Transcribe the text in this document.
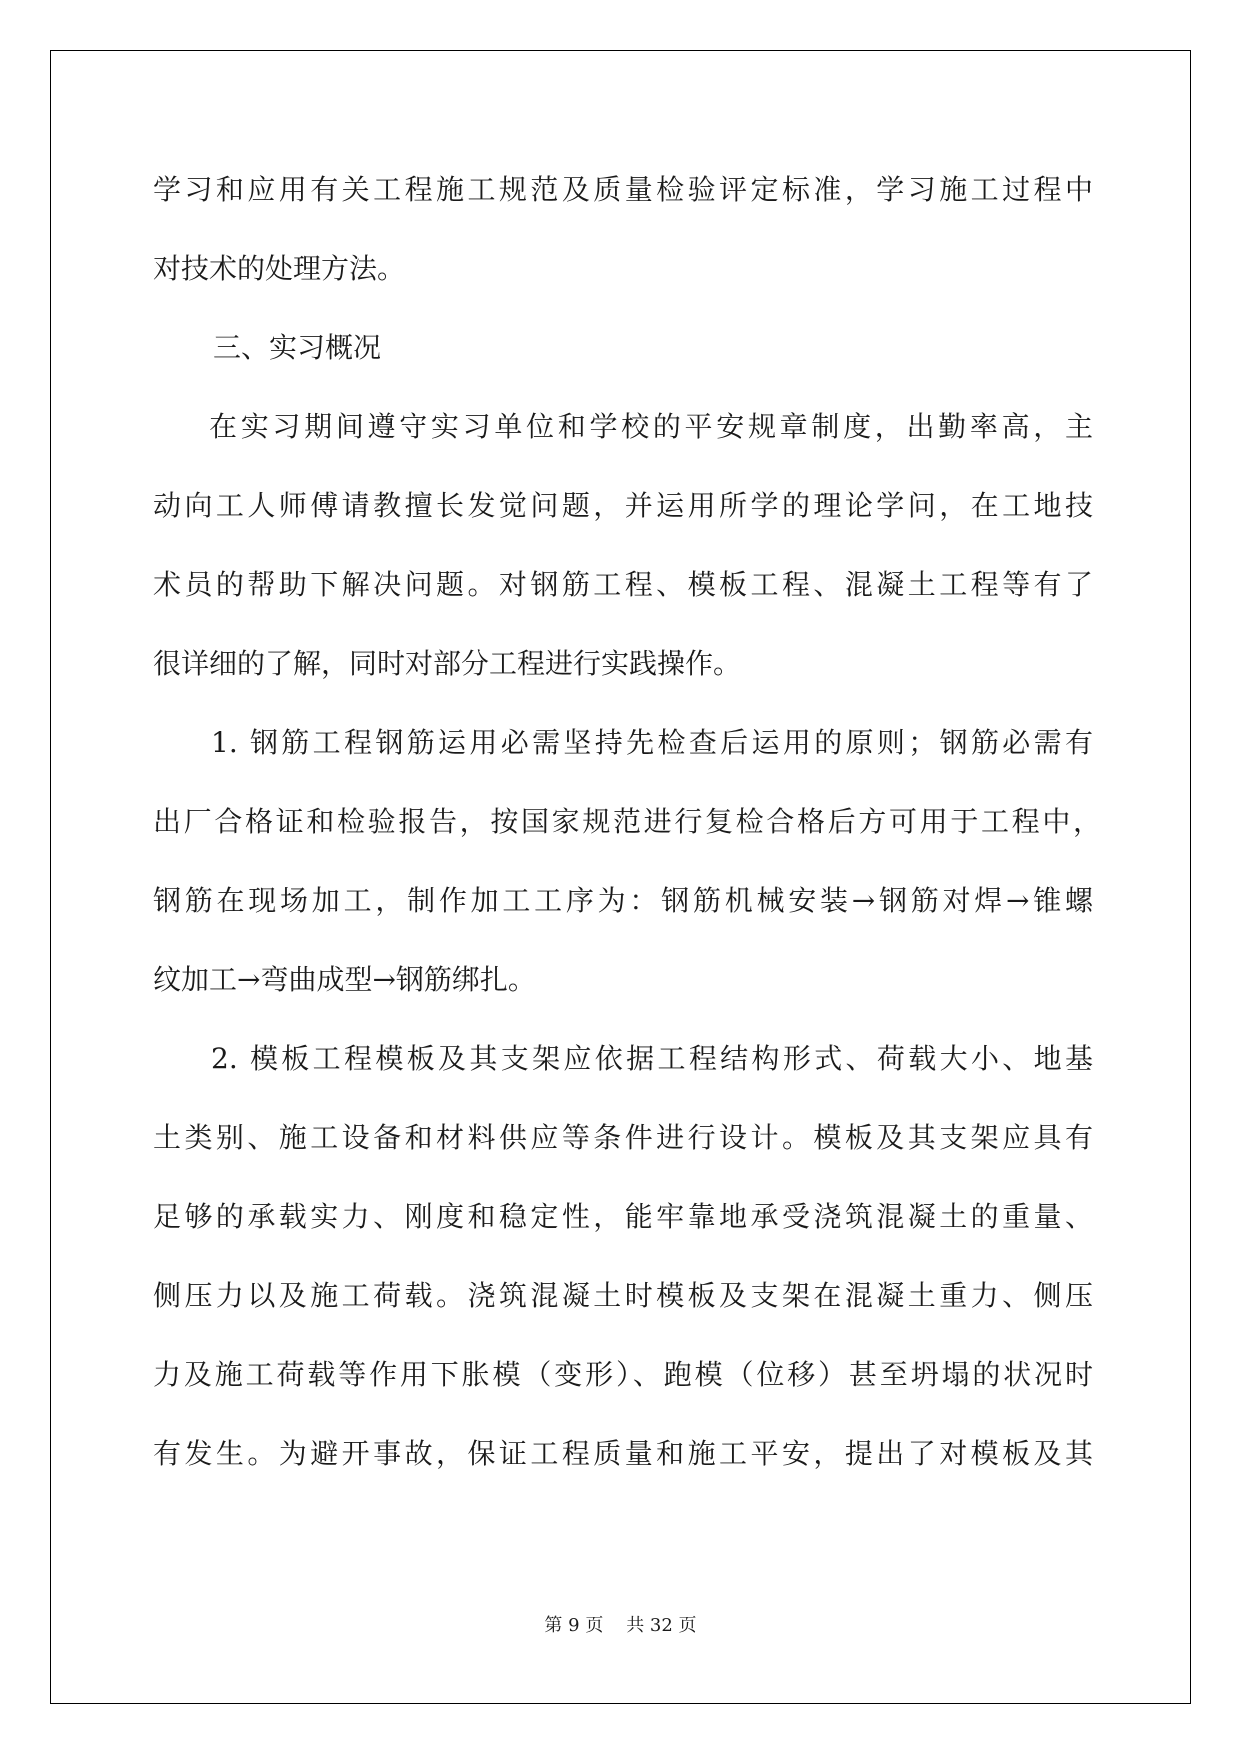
学习和应用有关工程施工规范及质量检验评定标准，学习施工过程中

对技术的处理方法。

三、实习概况

在实习期间遵守实习单位和学校的平安规章制度，出勤率高，主

动向工人师傅请教擅长发觉问题，并运用所学的理论学问，在工地技

术员的帮助下解决问题。对钢筋工程、模板工程、混凝土工程等有了

很详细的了解，同时对部分工程进行实践操作。

1. 钢筋工程钢筋运用必需坚持先检查后运用的原则；钢筋必需有

出厂合格证和检验报告，按国家规范进行复检合格后方可用于工程中，

钢筋在现场加工，制作加工工序为：钢筋机械安装→钢筋对焊→锥螺

纹加工→弯曲成型→钢筋绑扎。

2. 模板工程模板及其支架应依据工程结构形式、荷载大小、地基

土类别、施工设备和材料供应等条件进行设计。模板及其支架应具有

足够的承载实力、刚度和稳定性，能牢靠地承受浇筑混凝土的重量、

侧压力以及施工荷载。浇筑混凝土时模板及支架在混凝土重力、侧压

力及施工荷载等作用下胀模（变形）、跑模（位移）甚至坍塌的状况时

有发生。为避开事故，保证工程质量和施工平安，提出了对模板及其

第 9 页    共 32 页
